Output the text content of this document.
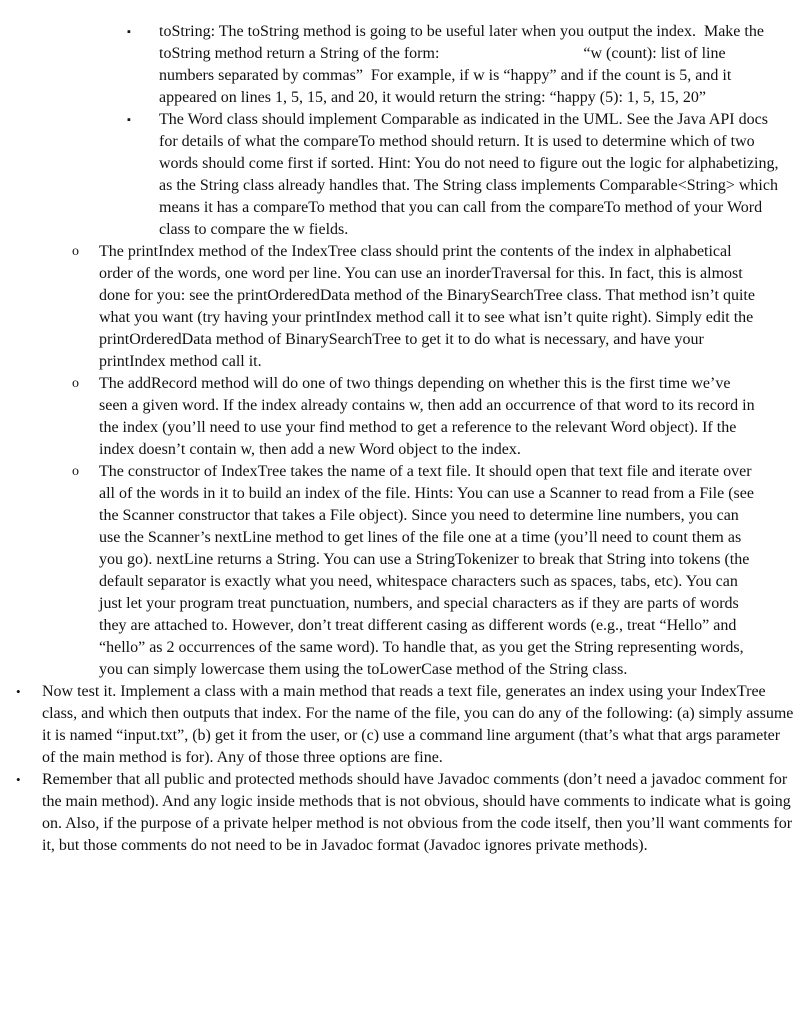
▪ toString: The toString method is going to be useful later when you output the index.  Make the toString method return a String of the form:                                    “w (count): list of line numbers separated by commas”  For example, if w is “happy” and if the count is 5, and it appeared on lines 1, 5, 15, and 20, it would return the string: “happy (5): 1, 5, 15, 20”
▪ The Word class should implement Comparable as indicated in the UML. See the Java API docs for details of what the compareTo method should return. It is used to determine which of two words should come first if sorted. Hint: You do not need to figure out the logic for alphabetizing, as the String class already handles that. The String class implements Comparable<String> which means it has a compareTo method that you can call from the compareTo method of your Word class to compare the w fields.
o The printIndex method of the IndexTree class should print the contents of the index in alphabetical order of the words, one word per line. You can use an inorderTraversal for this. In fact, this is almost done for you: see the printOrderedData method of the BinarySearchTree class. That method isn’t quite what you want (try having your printIndex method call it to see what isn’t quite right). Simply edit the printOrderedData method of BinarySearchTree to get it to do what is necessary, and have your printIndex method call it.
o The addRecord method will do one of two things depending on whether this is the first time we’ve seen a given word. If the index already contains w, then add an occurrence of that word to its record in the index (you’ll need to use your find method to get a reference to the relevant Word object). If the index doesn’t contain w, then add a new Word object to the index.
o The constructor of IndexTree takes the name of a text file. It should open that text file and iterate over all of the words in it to build an index of the file. Hints: You can use a Scanner to read from a File (see the Scanner constructor that takes a File object). Since you need to determine line numbers, you can use the Scanner’s nextLine method to get lines of the file one at a time (you’ll need to count them as you go). nextLine returns a String. You can use a StringTokenizer to break that String into tokens (the default separator is exactly what you need, whitespace characters such as spaces, tabs, etc). You can just let your program treat punctuation, numbers, and special characters as if they are parts of words they are attached to. However, don’t treat different casing as different words (e.g., treat “Hello” and “hello” as 2 occurrences of the same word). To handle that, as you get the String representing words, you can simply lowercase them using the toLowerCase method of the String class.
• Now test it. Implement a class with a main method that reads a text file, generates an index using your IndexTree class, and which then outputs that index. For the name of the file, you can do any of the following: (a) simply assume it is named “input.txt”, (b) get it from the user, or (c) use a command line argument (that’s what that args parameter of the main method is for). Any of those three options are fine.
• Remember that all public and protected methods should have Javadoc comments (don’t need a javadoc comment for the main method). And any logic inside methods that is not obvious, should have comments to indicate what is going on. Also, if the purpose of a private helper method is not obvious from the code itself, then you’ll want comments for it, but those comments do not need to be in Javadoc format (Javadoc ignores private methods).
